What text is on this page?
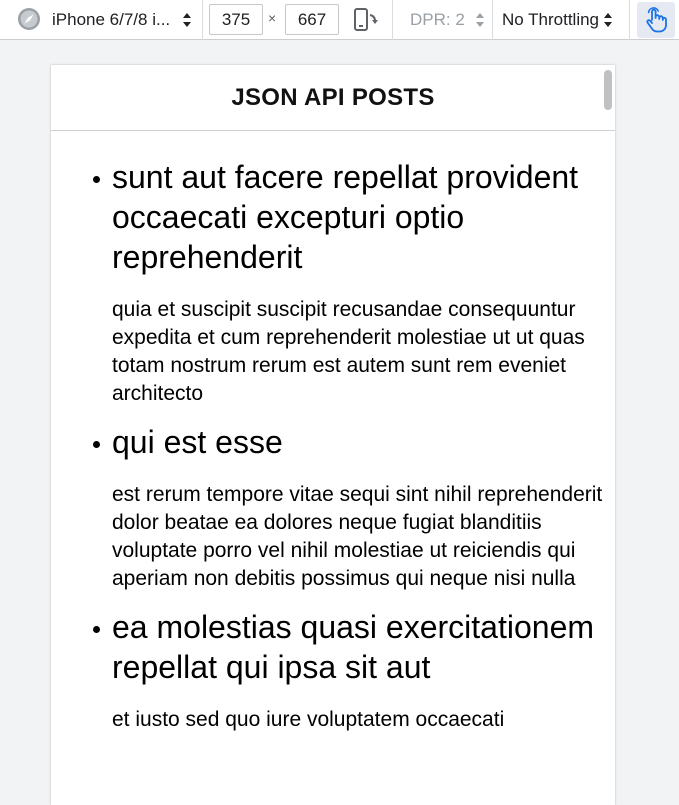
iPhone 6/7/8 i...	375	×	667	DPR: 2 No Throttling
JSON API POSTS
sunt aut facere repellat provident occaecati excepturi optio reprehenderit

quia et suscipit suscipit recusandae consequuntur expedita et cum reprehenderit molestiae ut ut quas totam nostrum rerum est autem sunt rem eveniet architecto

qui est esse

est rerum tempore vitae sequi sint nihil reprehenderit dolor beatae ea dolores neque fugiat blanditiis voluptate porro vel nihil molestiae ut reiciendis qui aperiam non debitis possimus qui neque nisi nulla

ea molestias quasi exercitationem repellat qui ipsa sit aut

et iusto sed quo iure voluptatem occaecati
